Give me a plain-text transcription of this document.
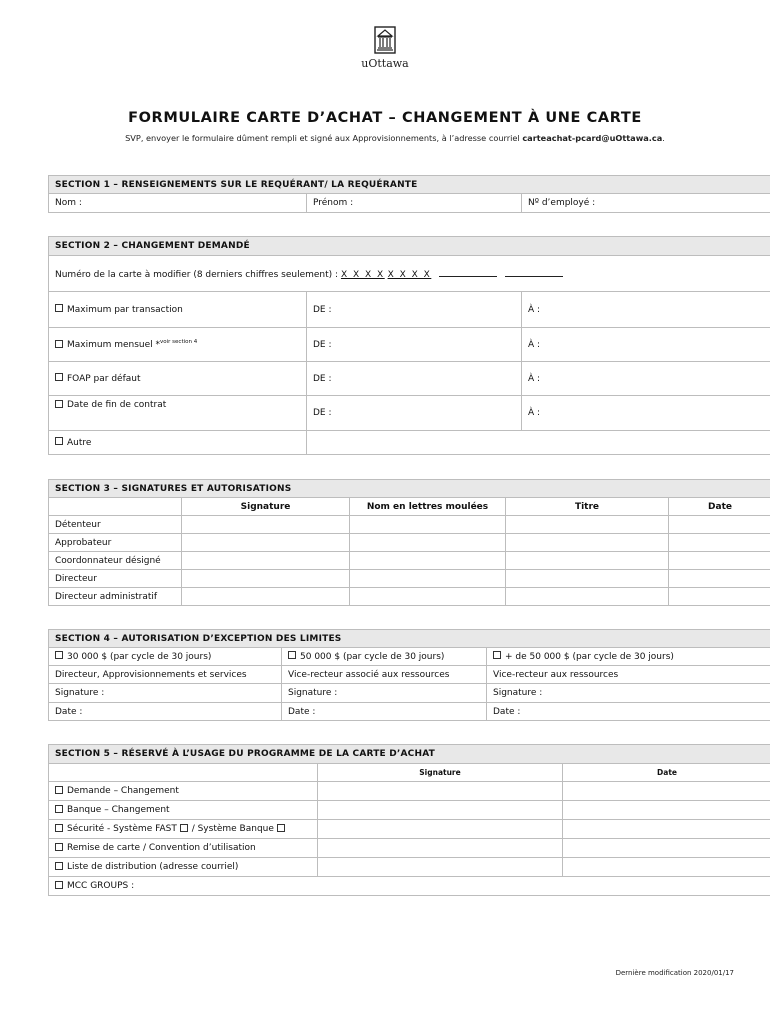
uOttawa
FORMULAIRE CARTE D’ACHAT – CHANGEMENT À UNE CARTE
SVP, envoyer le formulaire dûment rempli et signé aux Approvisionnements, à l’adresse courriel carteachat-pcard@uOttawa.ca.
SECTION 1 – RENSEIGNEMENTS SUR LE REQUÉRANT/ LA REQUÉRANTE
Nom :	Prénom :	Nº d’employé :
SECTION 2 – CHANGEMENT DEMANDÉ		
Numéro de la carte à modifier (8 derniers chiffres seulement) : X X X X X X X X		
Maximum par transaction	DE :	À :
Maximum mensuel *$^{voir section 4}$	DE :	À :
FOAP par défaut	DE :	À :
Date de fin de contrat	DE :	À :
Autre		
SECTION 3 – SIGNATURES ET AUTORISATIONS				
	Signature	Nom en lettres moulées	Titre	Date
Détenteur				
Approbateur				
Coordonnateur désigné				
Directeur				
Directeur administratif				
SECTION 4 – AUTORISATION D’EXCEPTION DES LIMITES		
30 000 $ (par cycle de 30 jours)	50 000 $ (par cycle de 30 jours)	+ de 50 000 $ (par cycle de 30 jours)
Directeur, Approvisionnements et services	Vice-recteur associé aux ressources	Vice-recteur aux ressources
Signature :	Signature :	Signature :
Date :	Date :	Date :
SECTION 5 – RÉSERVÉ À L’USAGE DU PROGRAMME DE LA CARTE D’ACHAT		
	Signature	Date
Demande – Changement		
Banque – Changement		
Sécurité - Système FAST / Système Banque		
Remise de carte / Convention d’utilisation		
Liste de distribution (adresse courriel)		
MCC GROUPS :		
Dernière modification 2020/01/17
